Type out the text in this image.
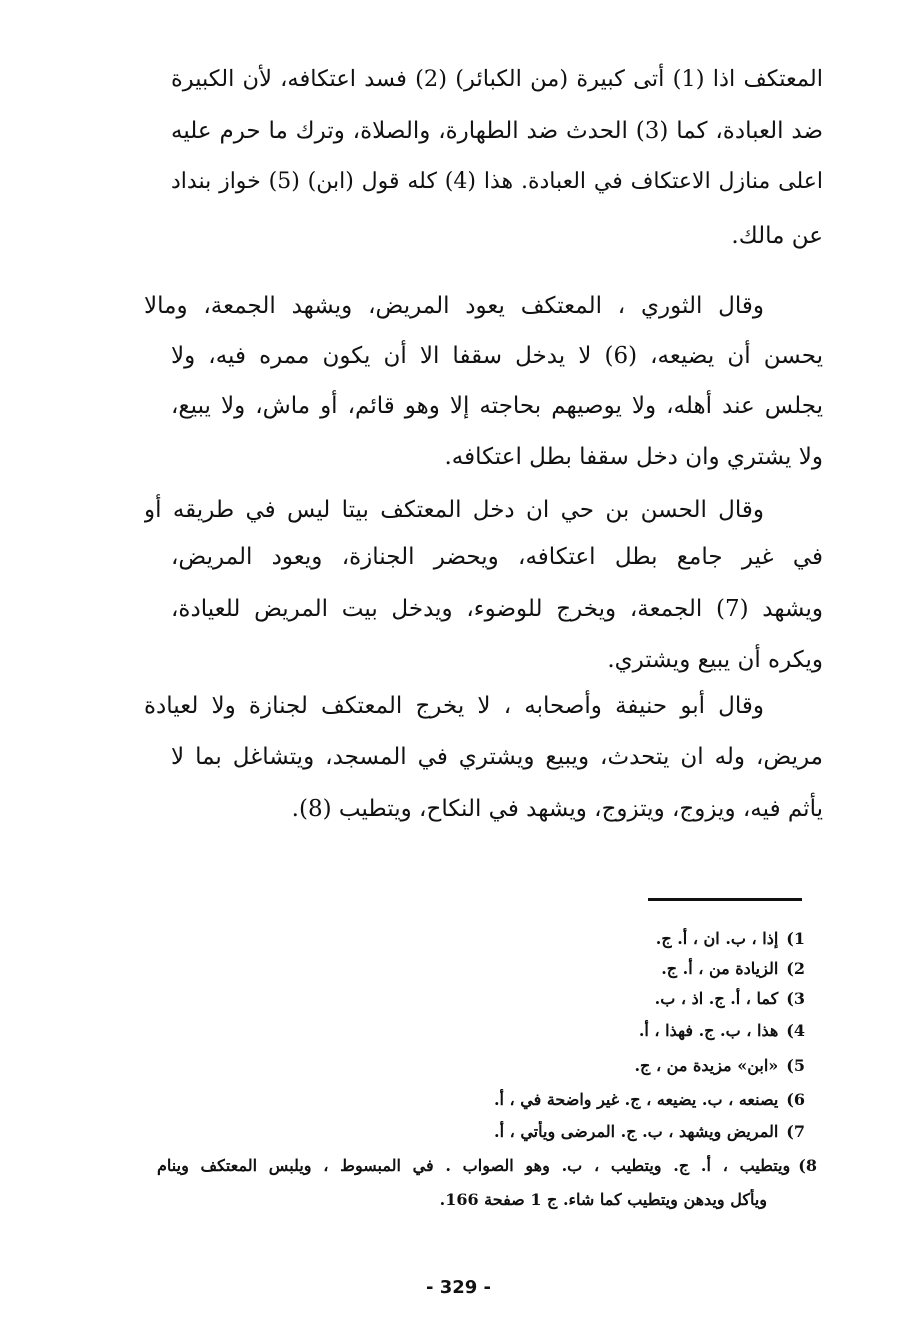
المعتكف اذا (1) أتى كبيرة (من الكبائر) (2) فسد اعتكافه، لأن الكبيرة
ضد العبادة، كما (3) الحدث ضد الطهارة، والصلاة، وترك ما حرم عليه
اعلى منازل الاعتكاف في العبادة. هذا (4) كله قول (ابن) (5) خواز بنداد
عن مالك.
وقال الثوري ، المعتكف يعود المريض، ويشهد الجمعة، ومالا
يحسن أن يضيعه، (6) لا يدخل سقفا الا أن يكون ممره فيه، ولا
يجلس عند أهله، ولا يوصيهم بحاجته إلا وهو قائم، أو ماش، ولا يبيع،
ولا يشتري وان دخل سقفا بطل اعتكافه.
وقال الحسن بن حي ان دخل المعتكف بيتا ليس في طريقه أو
في غير جامع بطل اعتكافه، ويحضر الجنازة، ويعود المريض،
ويشهد (7) الجمعة، ويخرج للوضوء، ويدخل بيت المريض للعيادة،
ويكره أن يبيع ويشتري.
وقال أبو حنيفة وأصحابه ، لا يخرج المعتكف لجنازة ولا لعيادة
مريض، وله ان يتحدث، ويبيع ويشتري في المسجد، ويتشاغل بما لا
يأثم فيه، ويزوج، ويتزوج، ويشهد في النكاح، ويتطيب (8).
1)إذا ، ب. ان ، أ. ج.
2)الزيادة من ، أ. ج.
3)كما ، أ. ج. اذ ، ب.
4)هذا ، ب. ج. فهذا ، أ.
5)«ابن» مزيدة من ، ج.
6)يصنعه ، ب. يضيعه ، ج. غير واضحة في ، أ.
7)المريض ويشهد ، ب. ج. المرضى ويأتي ، أ.
8)ويتطيب ، أ. ج. ويتطيب ، ب. وهو الصواب . في المبسوط ، ويلبس المعتكف وينام
ويأكل ويدهن ويتطيب كما شاء. ج 1 صفحة 166.
- 329 -
